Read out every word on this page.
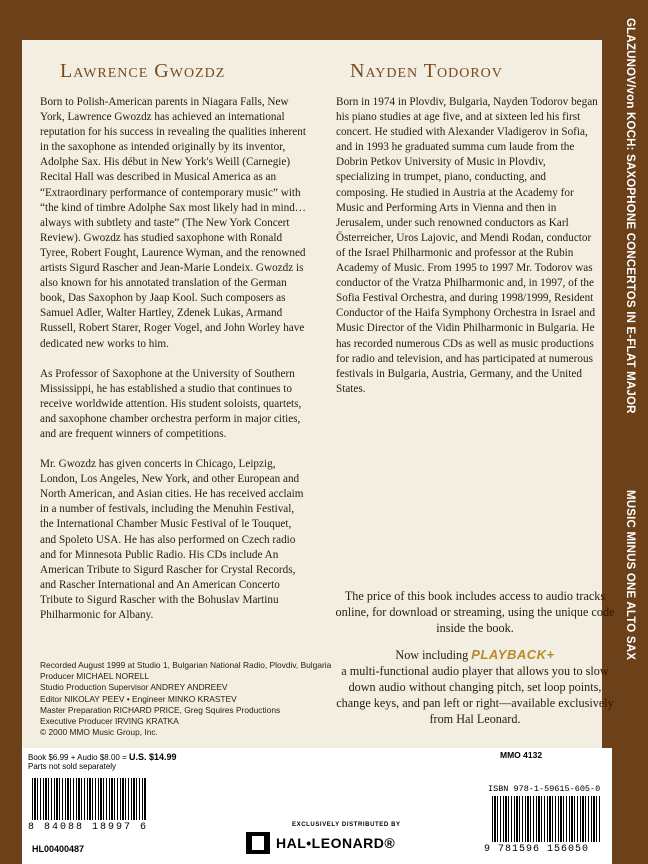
GLAZUNOV/von KOCH: SAXOPHONE CONCERTOS IN E-FLAT MAJOR
MUSIC MINUS ONE ALTO SAX
Lawrence Gwozdz	Nayden Todorov

Born to Polish-American parents in Niagara Falls, New York, Lawrence Gwozdz has achieved an international reputation for his success in revealing the qualities inherent in the saxophone as intended originally by its inventor, Adolphe Sax. His début in New York's Weill (Carnegie) Recital Hall was described in Musical America as an “Extraordinary performance of contemporary music” with “the kind of timbre Adolphe Sax most likely had in mind…always with subtlety and taste” (The New York Concert Review). Gwozdz has studied saxophone with Ronald Tyree, Robert Fought, Laurence Wyman, and the renowned artists Sigurd Rascher and Jean-Marie Londeix. Gwozdz is also known for his annotated translation of the German book, Das Saxophon by Jaap Kool. Such composers as Samuel Adler, Walter Hartley, Zdenek Lukas, Armand Russell, Robert Starer, Roger Vogel, and John Worley have dedicated new works to him.

As Professor of Saxophone at the University of Southern Mississippi, he has established a studio that continues to receive worldwide attention. His student soloists, quartets, and saxophone chamber orchestra perform in major cities, and are frequent winners of competitions.

Mr. Gwozdz has given concerts in Chicago, Leipzig, London, Los Angeles, New York, and other European and North American, and Asian cities. He has received acclaim in a number of festivals, including the Menuhin Festival, the International Chamber Music Festival of le Touquet, and Spoleto USA. He has also performed on Czech radio and for Minnesota Public Radio. His CDs include An American Tribute to Sigurd Rascher for Crystal Records, and Rascher International and An American Concerto Tribute to Sigurd Rascher with the Bohuslav Martinu Philharmonic for Albany.

Born in 1974 in Plovdiv, Bulgaria, Nayden Todorov began his piano studies at age five, and at sixteen led his first concert. He studied with Alexander Vladigerov in Sofia, and in 1993 he graduated summa cum laude from the Dobrin Petkov University of Music in Plovdiv, specializing in trumpet, piano, conducting, and composing. He studied in Austria at the Academy for Music and Performing Arts in Vienna and then in Jerusalem, under such renowned conductors as Karl Österreicher, Uros Lajovic, and Mendi Rodan, conductor of the Israel Philharmonic and professor at the Rubin Academy of Music. From 1995 to 1997 Mr. Todorov was conductor of the Vratza Philharmonic and, in 1997, of the Sofia Festival Orchestra, and during 1998/1999, Resident Conductor of the Haifa Symphony Orchestra in Israel and Music Director of the Vidin Philharmonic in Bulgaria. He has recorded numerous CDs as well as music productions for radio and television, and has participated at numerous festivals in Bulgaria, Austria, Germany, and the United States.

Recorded August 1999 at Studio 1, Bulgarian National Radio, Plovdiv, Bulgaria
Producer MICHAEL NORELL
Studio Production Supervisor ANDREY ANDREEV
Editor NIKOLAY PEEV • Engineer MINKO KRASTEV
Master Preparation RICHARD PRICE, Greg Squires Productions
Executive Producer IRVING KRATKA
© 2000 MMO Music Group, Inc.

The price of this book includes access to audio tracks online, for download or streaming, using the unique code inside the book.

Now including PLAYBACK+
a multi-functional audio player that allows you to slow down audio without changing pitch, set loop points, change keys, and pan left or right—available exclusively from Hal Leonard.

Book $6.99 + Audio $8.00 = U.S. $14.99
Parts not sold separately
8 84088 18997 6
HL00400487
EXCLUSIVELY DISTRIBUTED BY
HAL•LEONARD®
MMO 4132
ISBN 978-1-59615-605-0
9 781596 156050
